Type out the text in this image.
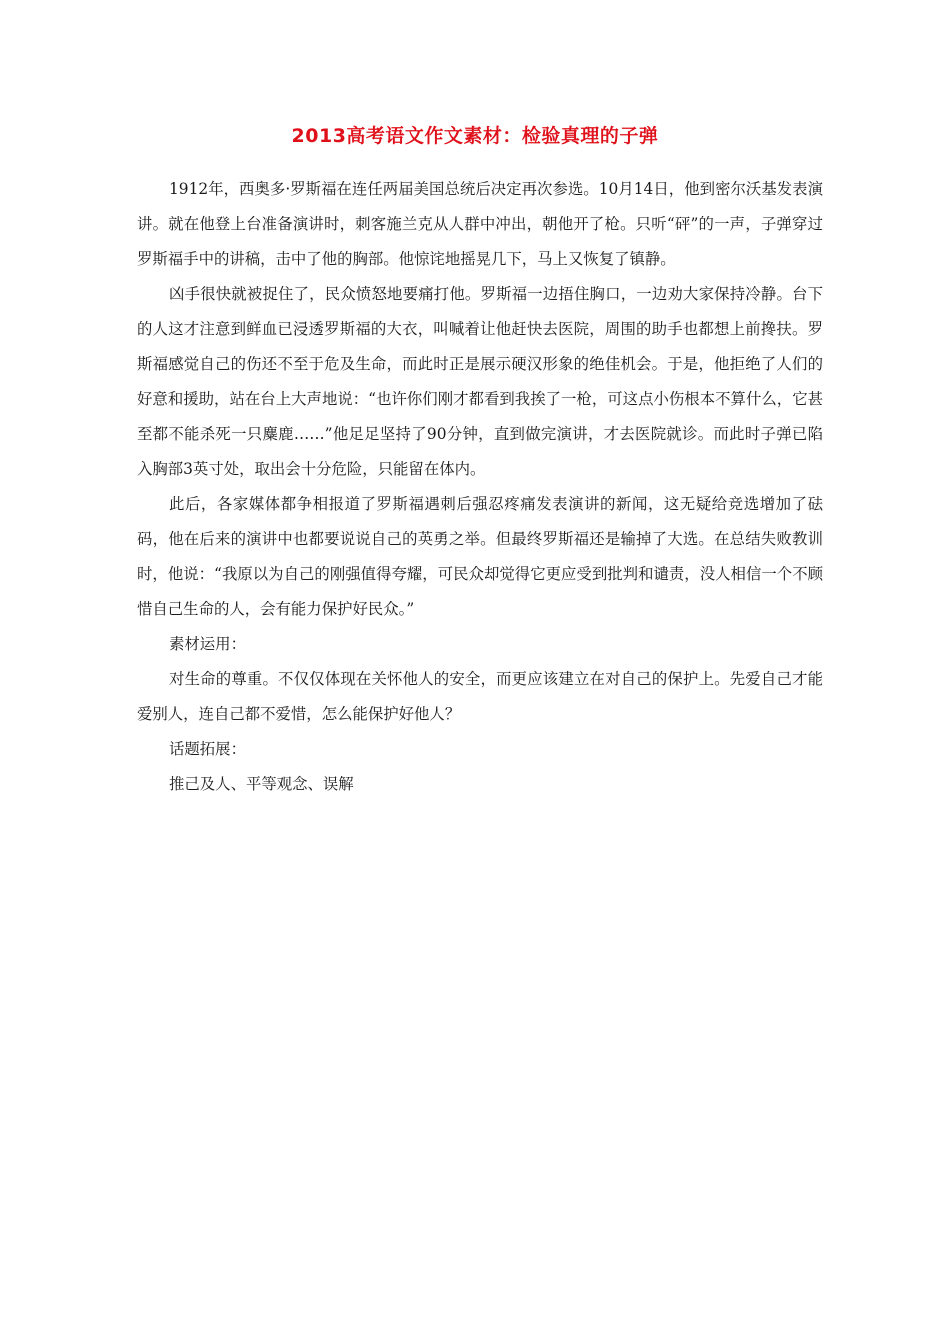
2013高考语文作文素材：检验真理的子弹

1912年，西奥多·罗斯福在连任两届美国总统后决定再次参选。10月14日，他到密尔沃基发表演讲。就在他登上台准备演讲时，刺客施兰克从人群中冲出，朝他开了枪。只听“砰”的一声，子弹穿过罗斯福手中的讲稿，击中了他的胸部。他惊诧地摇晃几下，马上又恢复了镇静。

凶手很快就被捉住了，民众愤怒地要痛打他。罗斯福一边捂住胸口，一边劝大家保持冷静。台下的人这才注意到鲜血已浸透罗斯福的大衣，叫喊着让他赶快去医院，周围的助手也都想上前搀扶。罗斯福感觉自己的伤还不至于危及生命，而此时正是展示硬汉形象的绝佳机会。于是，他拒绝了人们的好意和援助，站在台上大声地说：“也许你们刚才都看到我挨了一枪，可这点小伤根本不算什么，它甚至都不能杀死一只麋鹿……”他足足坚持了90分钟，直到做完演讲，才去医院就诊。而此时子弹已陷入胸部3英寸处，取出会十分危险，只能留在体内。

此后，各家媒体都争相报道了罗斯福遇刺后强忍疼痛发表演讲的新闻，这无疑给竞选增加了砝码，他在后来的演讲中也都要说说自己的英勇之举。但最终罗斯福还是输掉了大选。在总结失败教训时，他说：“我原以为自己的刚强值得夸耀，可民众却觉得它更应受到批判和谴责，没人相信一个不顾惜自己生命的人，会有能力保护好民众。”

素材运用：

对生命的尊重。不仅仅体现在关怀他人的安全，而更应该建立在对自己的保护上。先爱自己才能爱别人，连自己都不爱惜，怎么能保护好他人？

话题拓展：

推己及人、平等观念、误解
